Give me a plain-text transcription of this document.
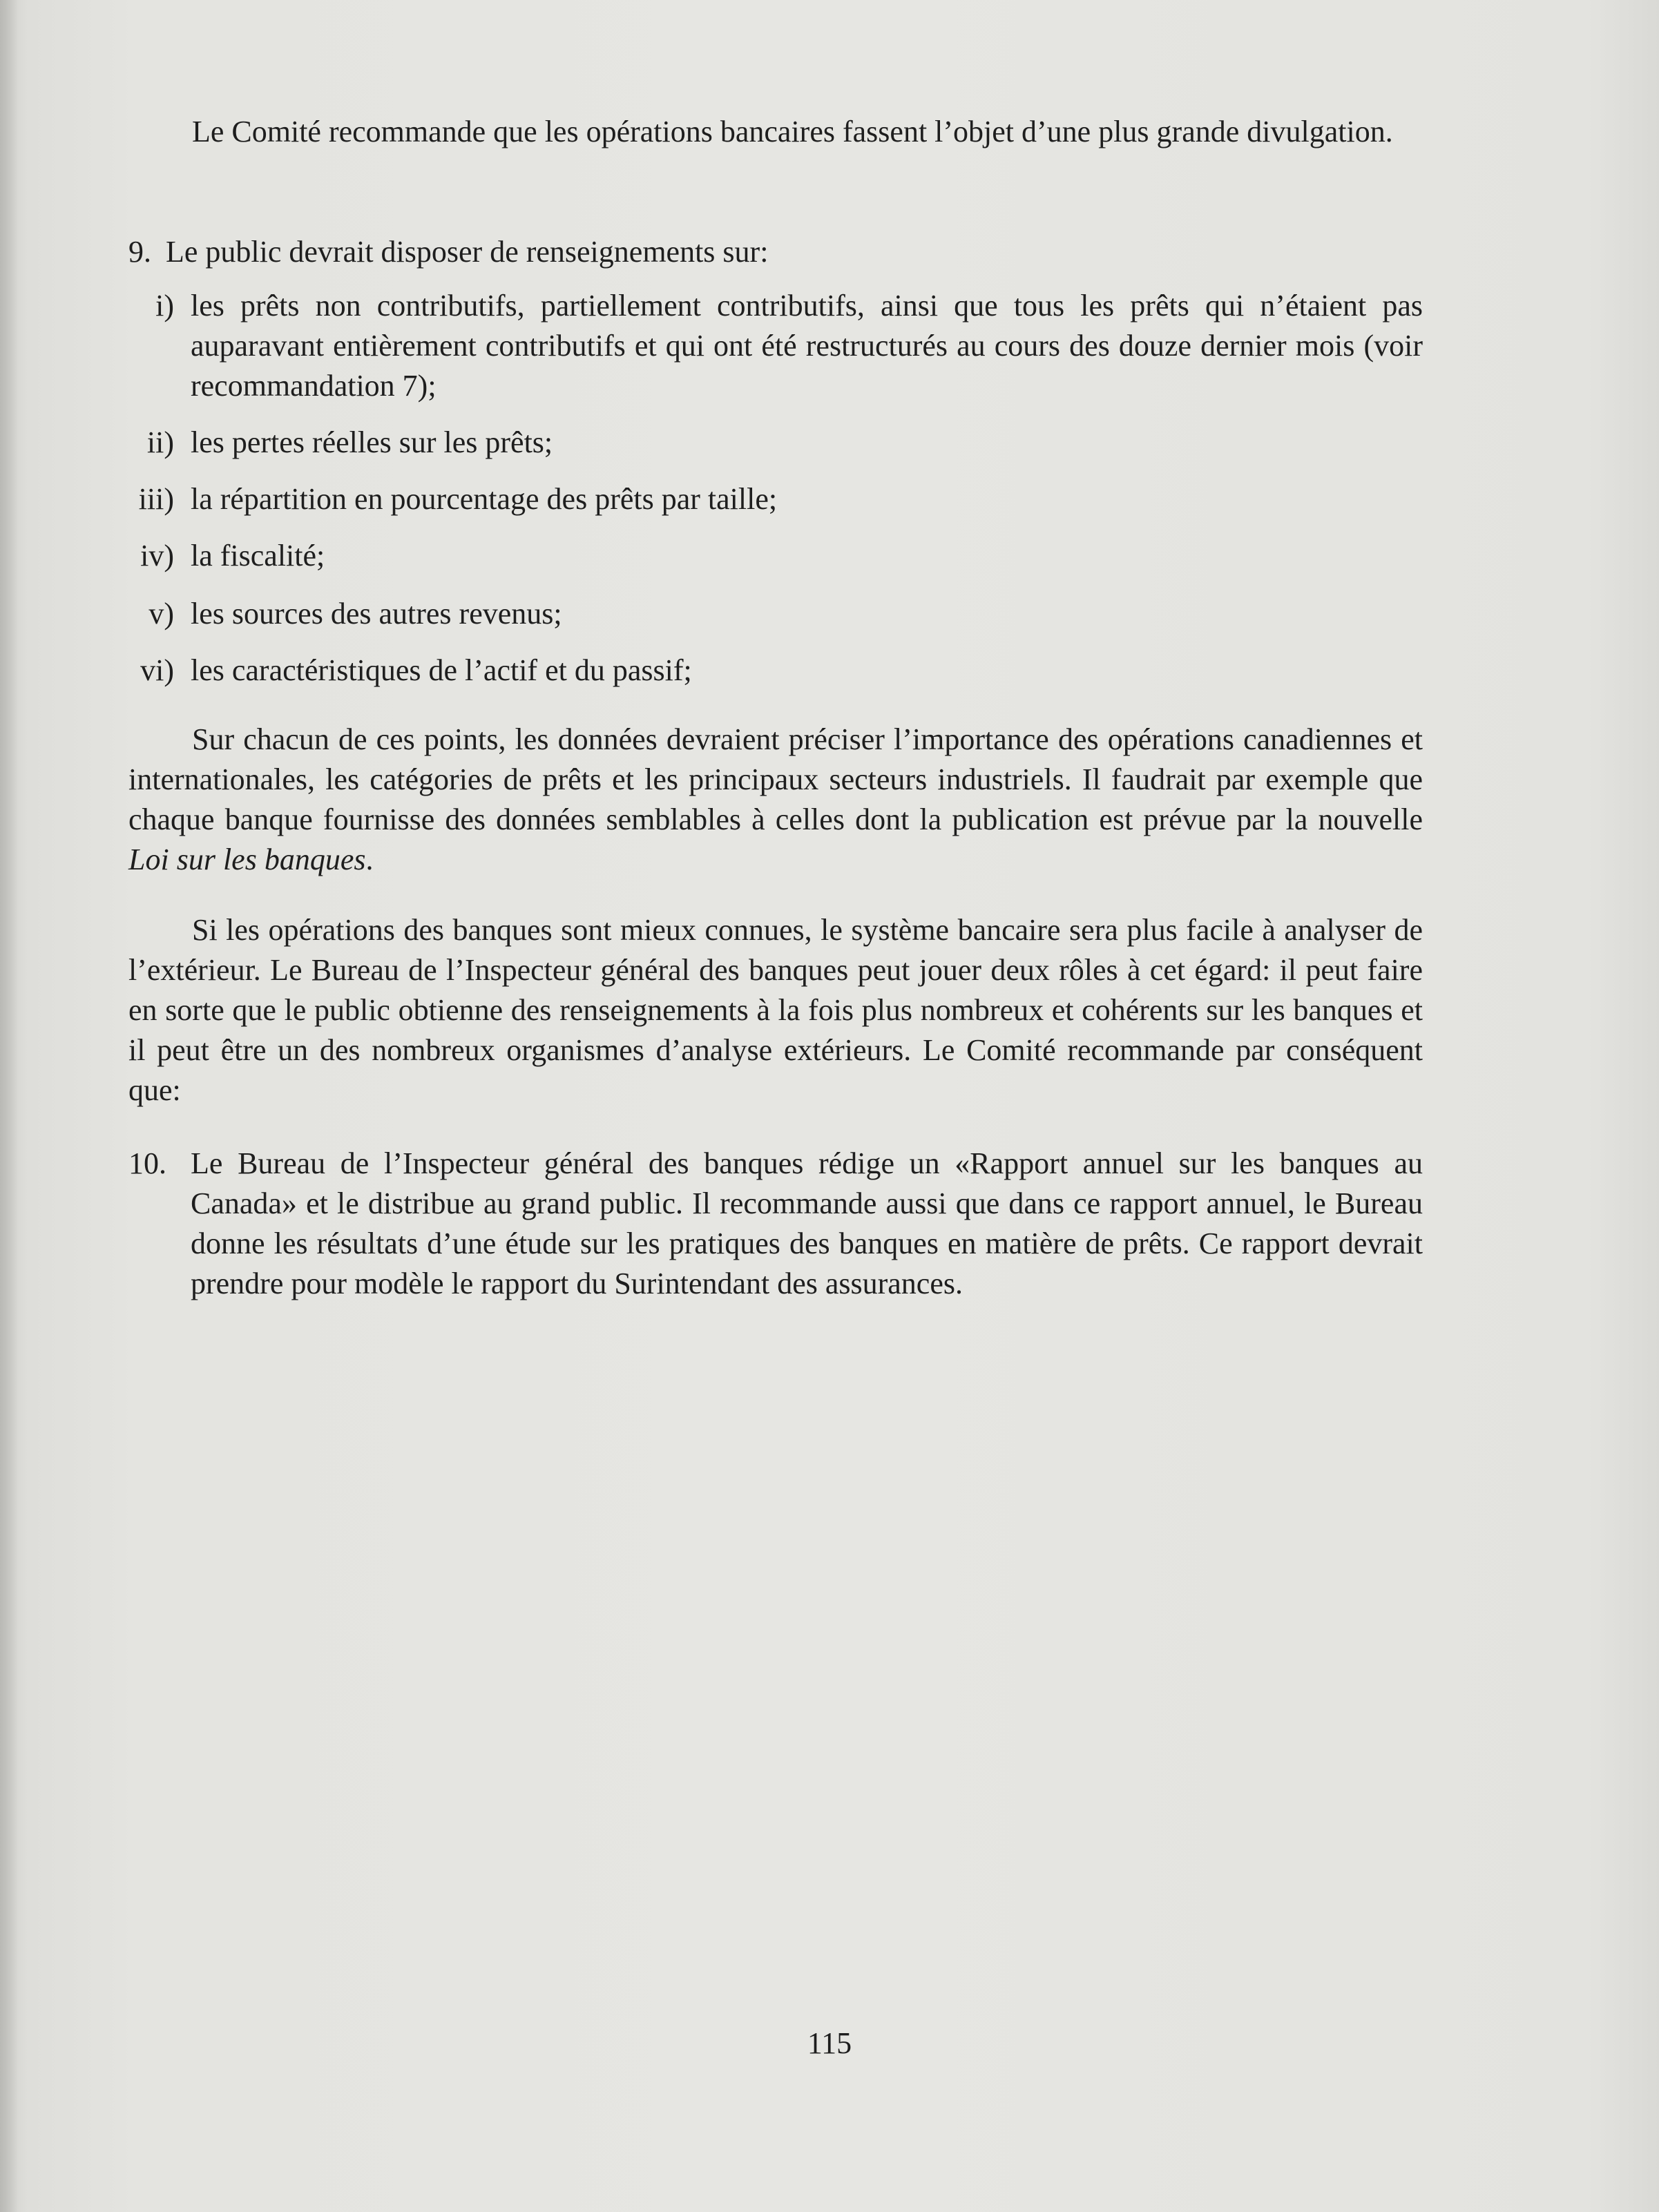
Le Comité recommande que les opérations bancaires fassent l’objet d’une plus grande divulgation.
9. Le public devrait disposer de renseignements sur:
i) les prêts non contributifs, partiellement contributifs, ainsi que tous les prêts qui n’étaient pas auparavant entièrement contributifs et qui ont été restructurés au cours des douze dernier mois (voir recommandation 7);
ii) les pertes réelles sur les prêts;
iii) la répartition en pourcentage des prêts par taille;
iv) la fiscalité;
v) les sources des autres revenus;
vi) les caractéristiques de l’actif et du passif;
Sur chacun de ces points, les données devraient préciser l’importance des opérations canadiennes et internationales, les catégories de prêts et les principaux secteurs industriels. Il faudrait par exemple que chaque banque fournisse des données semblables à celles dont la publication est prévue par la nouvelle Loi sur les banques.
Si les opérations des banques sont mieux connues, le système bancaire sera plus facile à analyser de l’extérieur. Le Bureau de l’Inspecteur général des banques peut jouer deux rôles à cet égard: il peut faire en sorte que le public obtienne des renseignements à la fois plus nombreux et cohérents sur les banques et il peut être un des nombreux organismes d’analyse extérieurs. Le Comité recommande par conséquent que:
10. Le Bureau de l’Inspecteur général des banques rédige un «Rapport annuel sur les banques au Canada» et le distribue au grand public. Il recommande aussi que dans ce rapport annuel, le Bureau donne les résultats d’une étude sur les pratiques des banques en matière de prêts. Ce rapport devrait prendre pour modèle le rapport du Surintendant des assurances.
115
